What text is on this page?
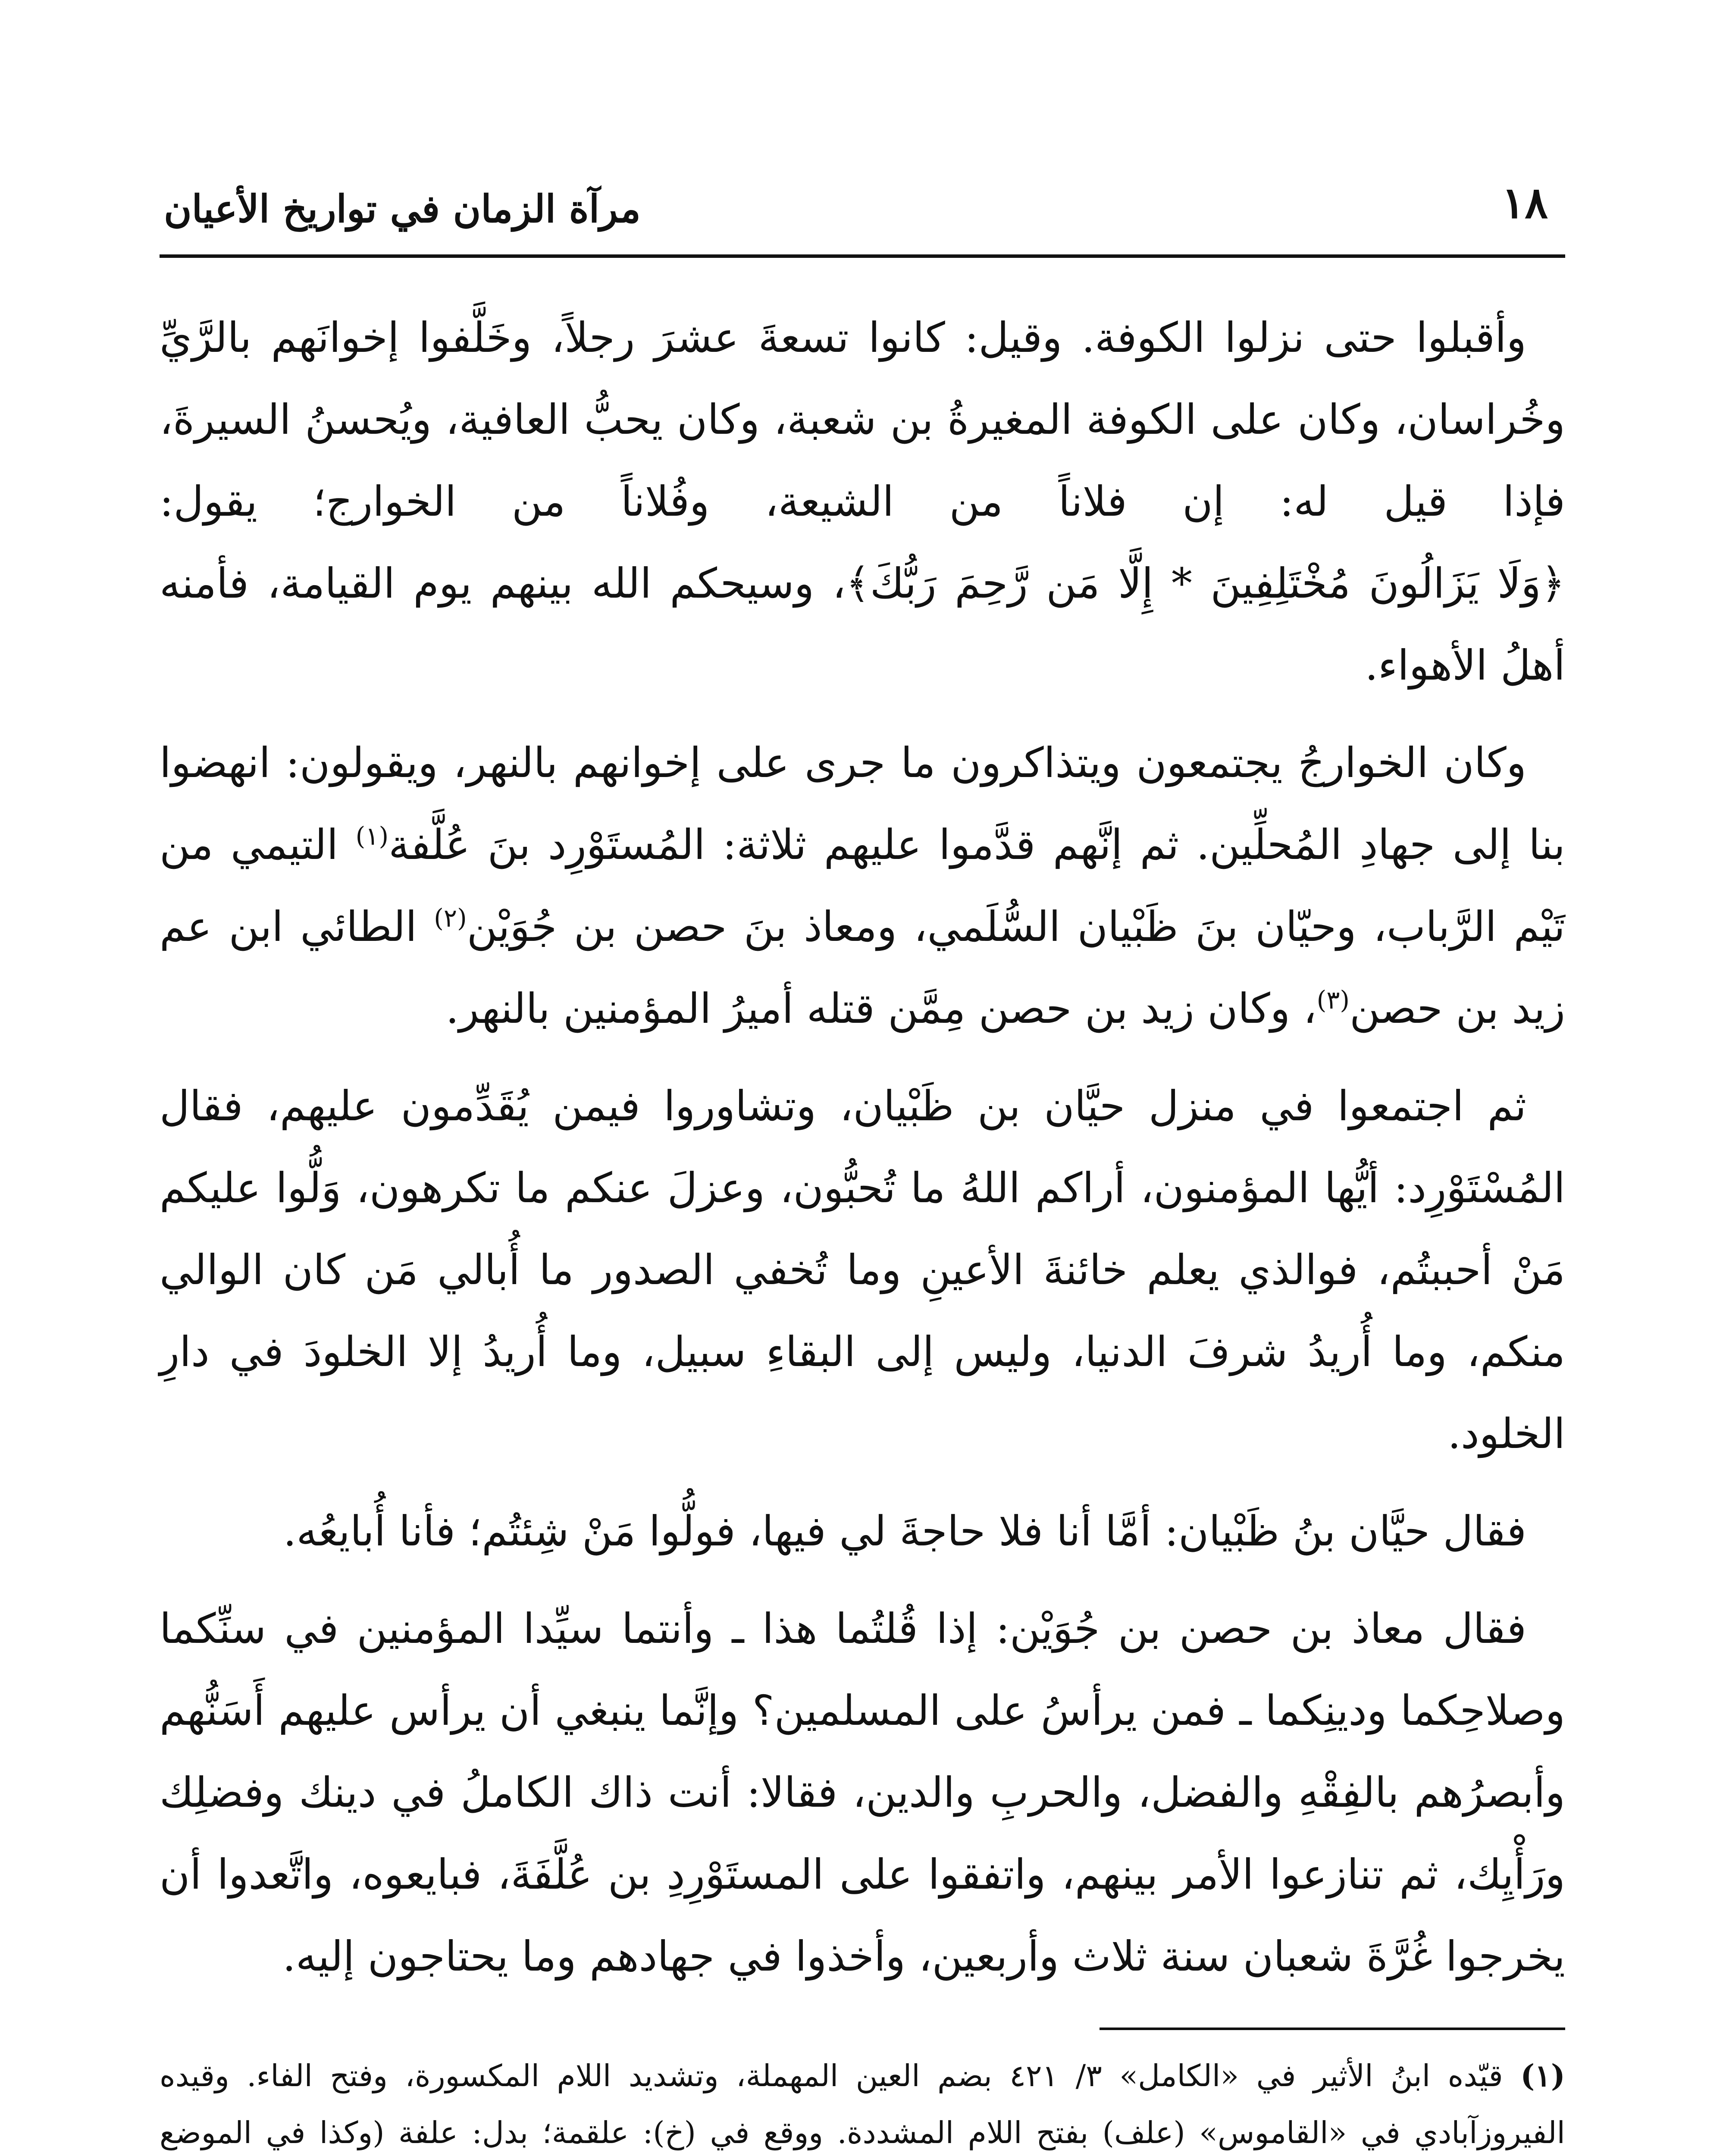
١٨
مرآة الزمان في تواريخ الأعيان

وأقبلوا حتى نزلوا الكوفة. وقيل: كانوا تسعةَ عشرَ رجلاً، وخَلَّفوا إخوانَهم بالرَّيِّ وخُراسان، وكان على الكوفة المغيرةُ بن شعبة، وكان يحبُّ العافية، ويُحسنُ السيرةَ، فإذا قيل له: إن فلاناً من الشيعة، وفُلاناً من الخوارج؛ يقول: ﴿وَلَا يَزَالُونَ مُخْتَلِفِينَ * إِلَّا مَن رَّحِمَ رَبُّكَ﴾، وسيحكم الله بينهم يوم القيامة، فأمنه أهلُ الأهواء.

وكان الخوارجُ يجتمعون ويتذاكرون ما جرى على إخوانهم بالنهر، ويقولون: انهضوا بنا إلى جهادِ المُحلِّين. ثم إنَّهم قدَّموا عليهم ثلاثة: المُستَوْرِد بنَ عُلَّفة$^{(١)}$ التيمي من تَيْم الرَّباب، وحيّان بنَ ظَبْيان السُّلَمي، ومعاذ بنَ حصن بن جُوَيْن$^{(٢)}$ الطائي ابن عم زيد بن حصن$^{(٣)}$، وكان زيد بن حصن مِمَّن قتله أميرُ المؤمنين بالنهر.

ثم اجتمعوا في منزل حيَّان بن ظَبْيان، وتشاوروا فيمن يُقَدِّمون عليهم، فقال المُسْتَوْرِد: أيُّها المؤمنون، أراكم اللهُ ما تُحبُّون، وعزلَ عنكم ما تكرهون، وَلُّوا عليكم مَنْ أحببتُم، فوالذي يعلم خائنةَ الأعينِ وما تُخفي الصدور ما أُبالي مَن كان الوالي منكم، وما أُريدُ شرفَ الدنيا، وليس إلى البقاءِ سبيل، وما أُريدُ إلا الخلودَ في دارِ الخلود.

فقال حيَّان بنُ ظَبْيان: أمَّا أنا فلا حاجةَ لي فيها، فولُّوا مَنْ شِئتُم؛ فأنا أُبايعُه.

فقال معاذ بن حصن بن جُوَيْن: إذا قُلتُما هذا ـ وأنتما سيِّدا المؤمنين في سنِّكما وصلاحِكما ودينِكما ـ فمن يرأسُ على المسلمين؟ وإنَّما ينبغي أن يرأس عليهم أَسَنُّهم وأبصرُهم بالفِقْهِ والفضل، والحربِ والدين، فقالا: أنت ذاك الكاملُ في دينك وفضلِك ورَأْيِك، ثم تنازعوا الأمر بينهم، واتفقوا على المستَوْرِدِ بن عُلَّفَةَ، فبايعوه، واتَّعدوا أن يخرجوا غُرَّةَ شعبان سنة ثلاث وأربعين، وأخذوا في جهادهم وما يحتاجون إليه.

(١) قيّده ابنُ الأثير في «الكامل» ٣/ ٤٢١ بضم العين المهملة، وتشديد اللام المكسورة، وفتح الفاء. وقيده الفيروزآبادي في «القاموس» (علف) بفتح اللام المشددة. ووقع في (خ): علقمة؛ بدل: علفة (وكذا في الموضع
